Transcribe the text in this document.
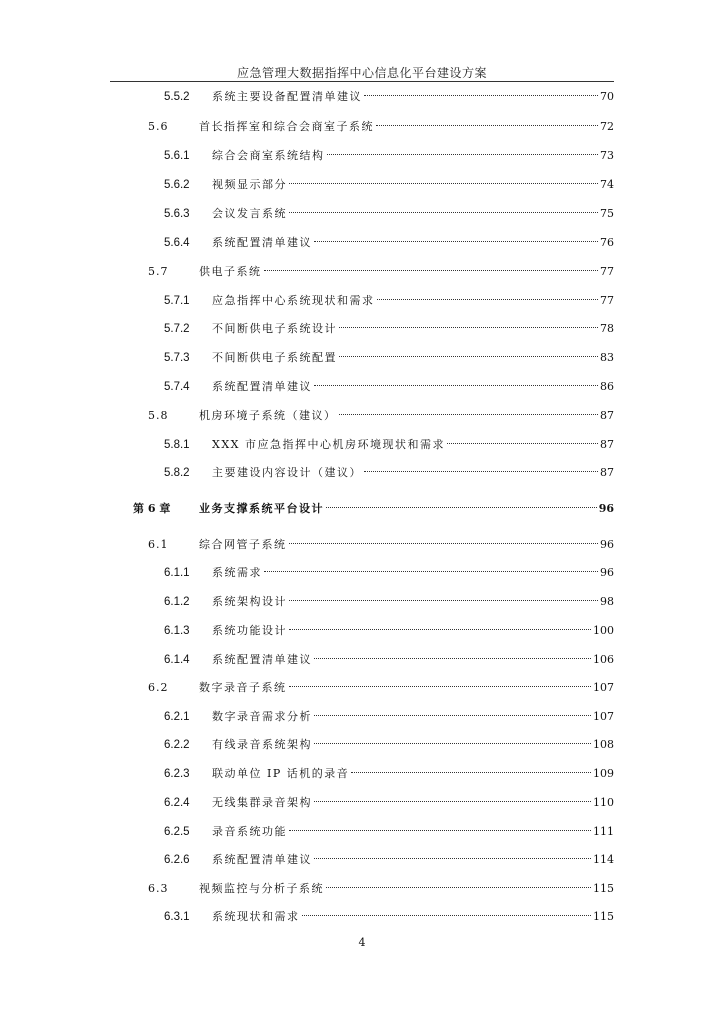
应急管理大数据指挥中心信息化平台建设方案
5.5.2 系统主要设备配置清单建议	70
5.6	首长指挥室和综合会商室子系统	72
5.6.1 综合会商室系统结构	73
5.6.2 视频显示部分	74
5.6.3 会议发言系统	75
5.6.4 系统配置清单建议	76
5.7	供电子系统	77
5.7.1 应急指挥中心系统现状和需求	77
5.7.2 不间断供电子系统设计	78
5.7.3 不间断供电子系统配置	83
5.7.4 系统配置清单建议	86
5.8	机房环境子系统（建议）	87
5.8.1 XXX 市应急指挥中心机房环境现状和需求	87
5.8.2 主要建设内容设计（建议）	87
第 6 章	业务支撑系统平台设计	96
6.1	综合网管子系统	96
6.1.1 系统需求	96
6.1.2 系统架构设计	98
6.1.3 系统功能设计	100
6.1.4 系统配置清单建议	106
6.2	数字录音子系统	107
6.2.1 数字录音需求分析	107
6.2.2 有线录音系统架构	108
6.2.3 联动单位 IP 话机的录音	109
6.2.4 无线集群录音架构	110
6.2.5 录音系统功能	111
6.2.6 系统配置清单建议	114
6.3	视频监控与分析子系统	115
6.3.1 系统现状和需求	115
4
